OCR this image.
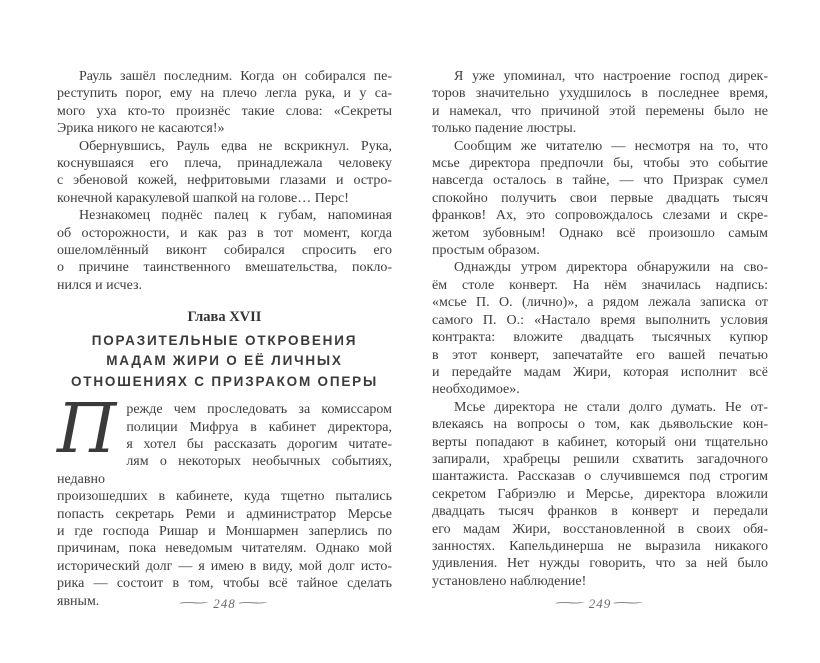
Рауль зашёл последним. Когда он собирался пе-
реступить порог, ему на плечо легла рука, и у са-
мого уха кто-то произнёс такие слова: «Секреты
Эрика никого не касаются!»
Обернувшись, Рауль едва не вскрикнул. Рука,
коснувшаяся его плеча, принадлежала человеку
с эбеновой кожей, нефритовыми глазами и остро-
конечной каракулевой шапкой на голове… Перс!
Незнакомец поднёс палец к губам, напоминая
об осторожности, и как раз в тот момент, когда
ошеломлённый виконт собирался спросить его
о причине таинственного вмешательства, покло-
нился и исчез.
Глава XVII
ПОРАЗИТЕЛЬНЫЕ ОТКРОВЕНИЯ
МАДАМ ЖИРИ О ЕЁ ЛИЧНЫХ
ОТНОШЕНИЯХ С ПРИЗРАКОМ ОПЕРЫ
П режде чем проследовать за комиссаром
полиции Мифруа в кабинет директора,
я хотел бы рассказать дорогим читате-
лям о некоторых необычных событиях, недавно
произошедших в кабинете, куда тщетно пытались
попасть секретарь Реми и администратор Мерсье
и где господа Ришар и Моншармен заперлись по
причинам, пока неведомым читателям. Однако мой
исторический долг — я имею в виду, мой долг исто-
рика — состоит в том, чтобы всё тайное сделать
явным.	⁓248⁓
Я уже упоминал, что настроение господ дирек-
торов значительно ухудшилось в последнее время,
и намекал, что причиной этой перемены было не
только падение люстры.
Сообщим же читателю — несмотря на то, что
мсье директора предпочли бы, чтобы это событие
навсегда осталось в тайне, — что Призрак сумел
спокойно получить свои первые двадцать тысяч
франков! Ах, это сопровождалось слезами и скре-
жетом зубовным! Однако всё произошло самым
простым образом.
Однажды утром директора обнаружили на сво-
ём столе конверт. На нём значилась надпись:
«мсье П. О. (лично)», а рядом лежала записка от
самого П. О.: «Настало время выполнить условия
контракта: вложите двадцать тысячных купюр
в этот конверт, запечатайте его вашей печатью
и передайте мадам Жири, которая исполнит всё
необходимое».
Мсье директора не стали долго думать. Не от-
влекаясь на вопросы о том, как дьявольские кон-
верты попадают в кабинет, который они тщательно
запирали, храбрецы решили схватить загадочного
шантажиста. Рассказав о случившемся под строгим
секретом Габриэлю и Мерсье, директора вложили
двадцать тысяч франков в конверт и передали
его мадам Жири, восстановленной в своих обя-
занностях. Капельдинерша не выразила никакого
удивления. Нет нужды говорить, что за ней было
установлено наблюдение!
⁓249⁓
